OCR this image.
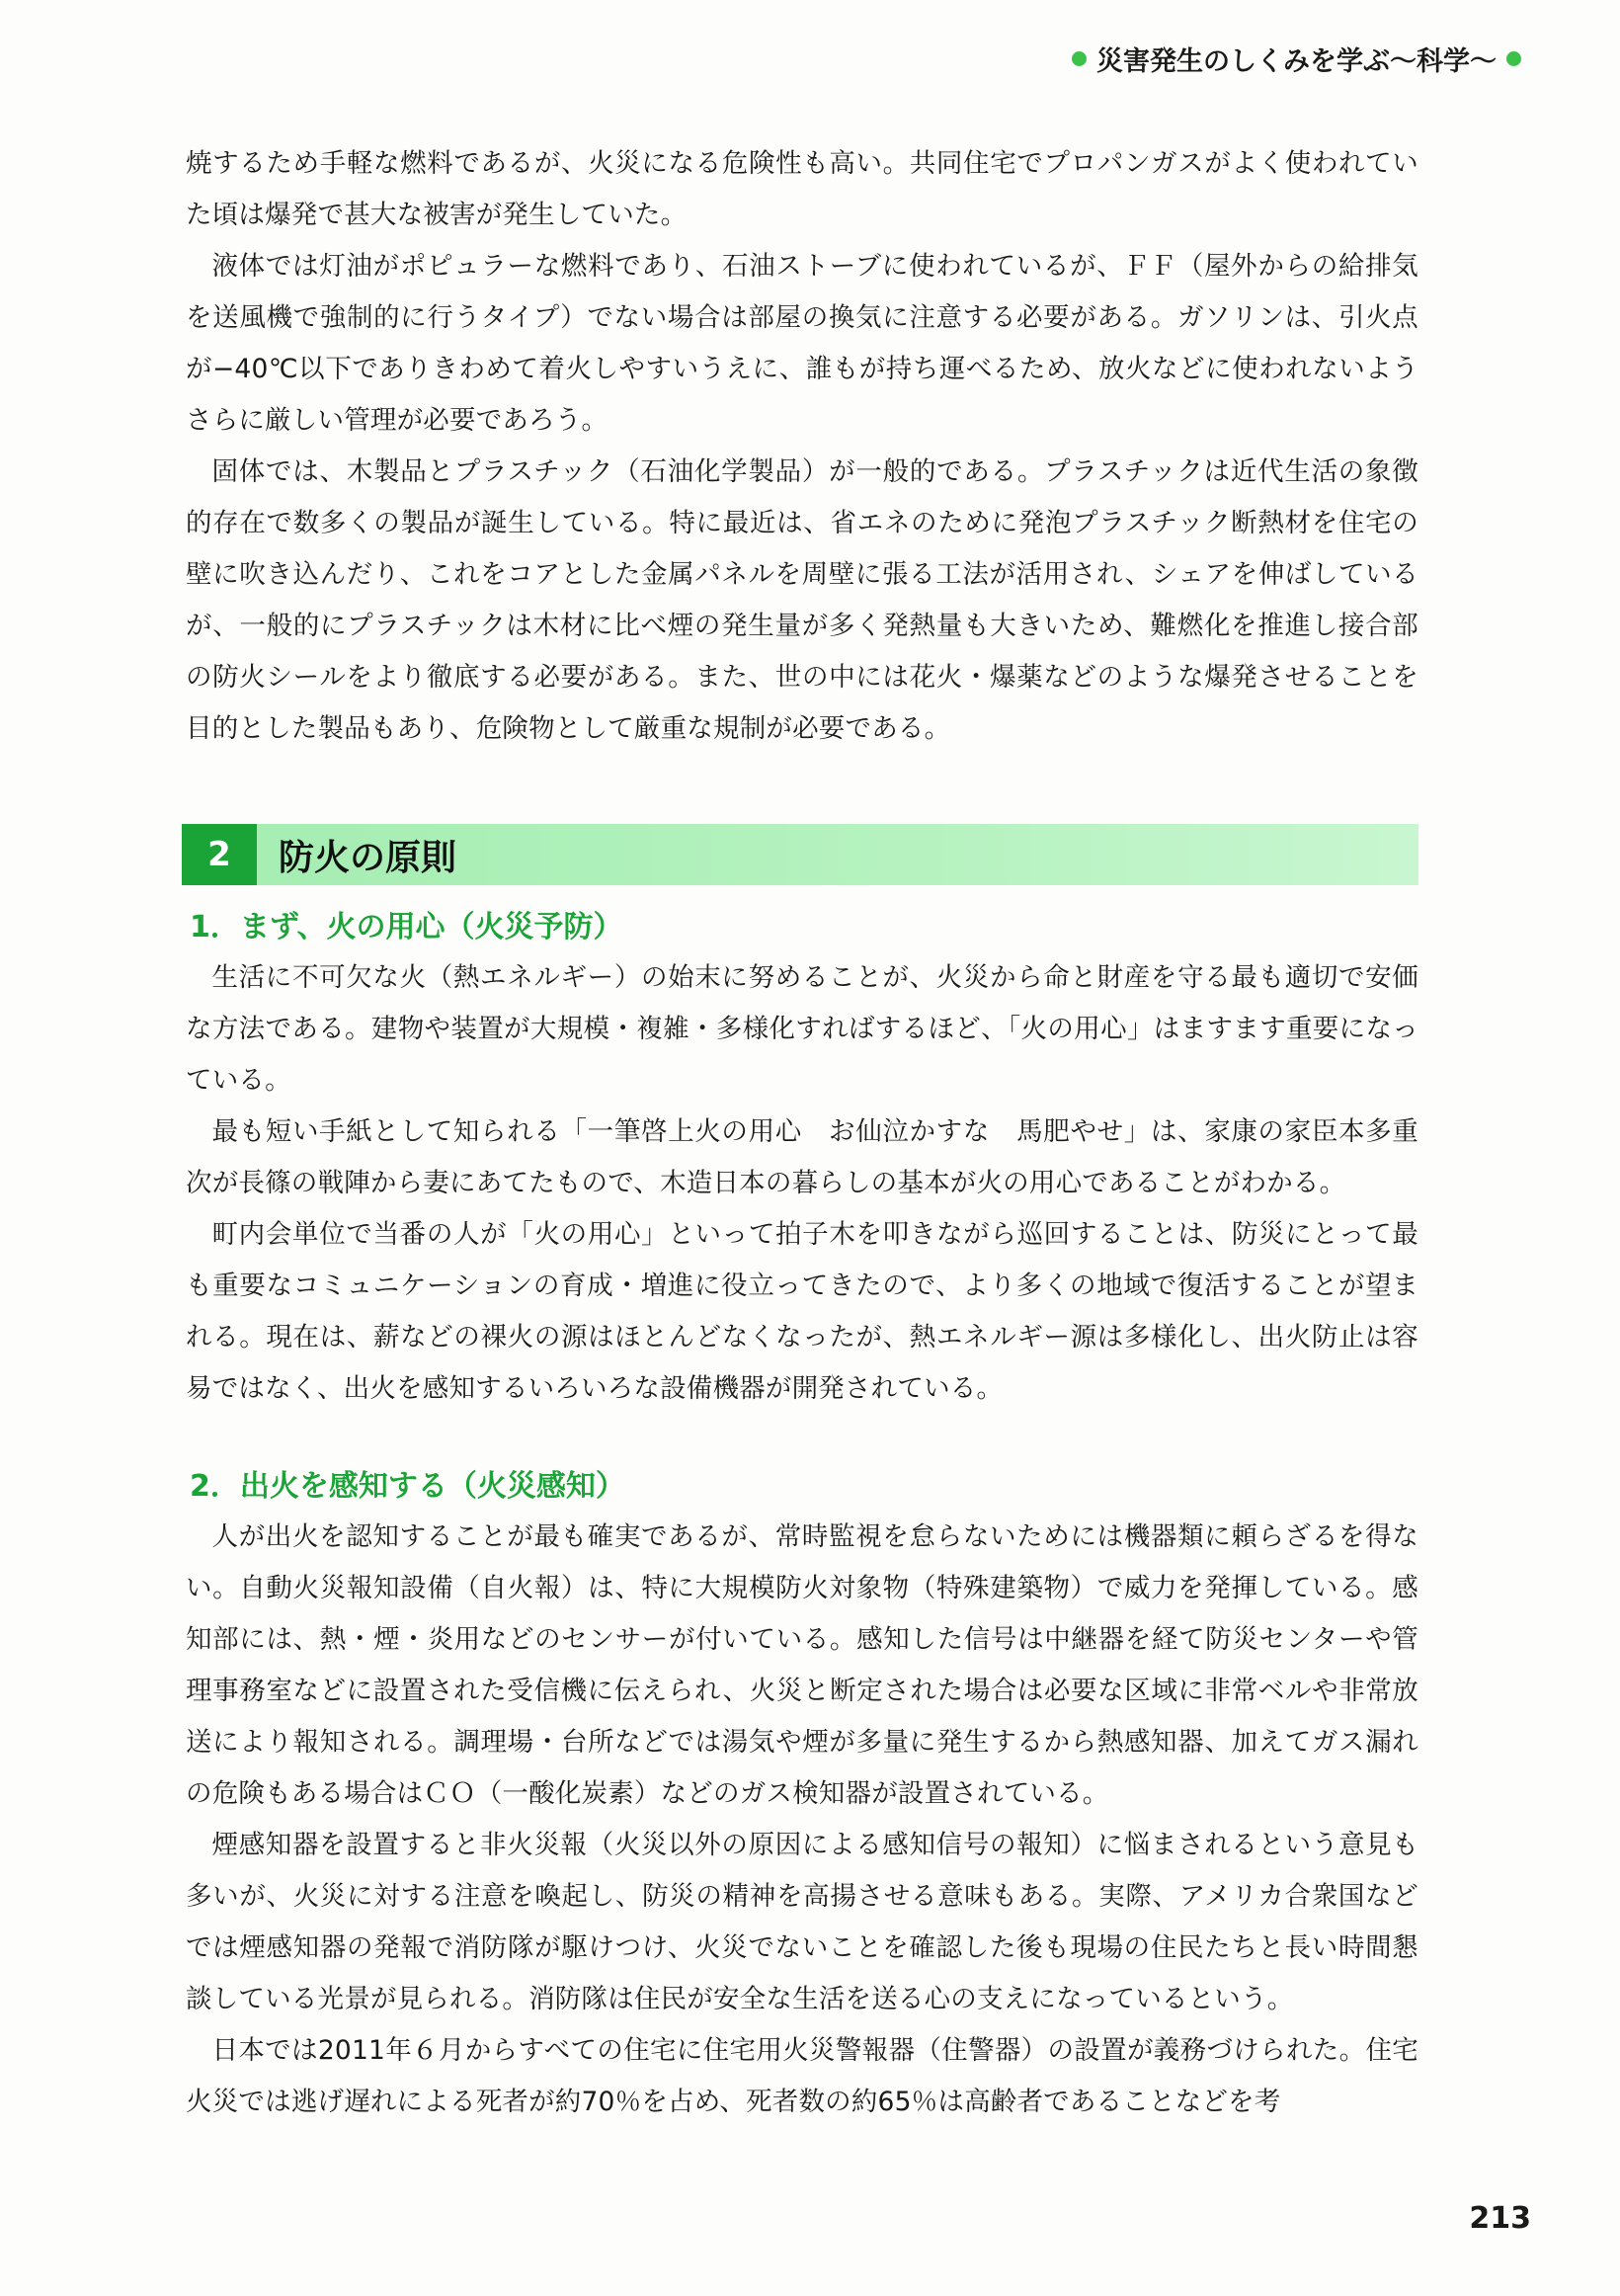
災害発生のしくみを学ぶ〜科学〜

焼するため手軽な燃料であるが、火災になる危険性も高い。共同住宅でプロパンガスがよく使われていた頃は爆発で甚大な被害が発生していた。

液体では灯油がポピュラーな燃料であり、石油ストーブに使われているが、ＦＦ（屋外からの給排気を送風機で強制的に行うタイプ）でない場合は部屋の換気に注意する必要がある。ガソリンは、引火点が−40℃以下でありきわめて着火しやすいうえに、誰もが持ち運べるため、放火などに使われないようさらに厳しい管理が必要であろう。

固体では、木製品とプラスチック（石油化学製品）が一般的である。プラスチックは近代生活の象徴的存在で数多くの製品が誕生している。特に最近は、省エネのために発泡プラスチック断熱材を住宅の壁に吹き込んだり、これをコアとした金属パネルを周壁に張る工法が活用され、シェアを伸ばしているが、一般的にプラスチックは木材に比べ煙の発生量が多く発熱量も大きいため、難燃化を推進し接合部の防火シールをより徹底する必要がある。また、世の中には花火・爆薬などのような爆発させることを目的とした製品もあり、危険物として厳重な規制が必要である。

2	防火の原則
1．まず、火の用心（火災予防）

生活に不可欠な火（熱エネルギー）の始末に努めることが、火災から命と財産を守る最も適切で安価な方法である。建物や装置が大規模・複雑・多様化すればするほど、「火の用心」はますます重要になっている。

最も短い手紙として知られる「一筆啓上火の用心　お仙泣かすな　馬肥やせ」は、家康の家臣本多重次が長篠の戦陣から妻にあてたもので、木造日本の暮らしの基本が火の用心であることがわかる。

町内会単位で当番の人が「火の用心」といって拍子木を叩きながら巡回することは、防災にとって最も重要なコミュニケーションの育成・増進に役立ってきたので、より多くの地域で復活することが望まれる。現在は、薪などの裸火の源はほとんどなくなったが、熱エネルギー源は多様化し、出火防止は容易ではなく、出火を感知するいろいろな設備機器が開発されている。

2．出火を感知する（火災感知）

人が出火を認知することが最も確実であるが、常時監視を怠らないためには機器類に頼らざるを得ない。自動火災報知設備（自火報）は、特に大規模防火対象物（特殊建築物）で威力を発揮している。感知部には、熱・煙・炎用などのセンサーが付いている。感知した信号は中継器を経て防災センターや管理事務室などに設置された受信機に伝えられ、火災と断定された場合は必要な区域に非常ベルや非常放送により報知される。調理場・台所などでは湯気や煙が多量に発生するから熱感知器、加えてガス漏れの危険もある場合はＣＯ（一酸化炭素）などのガス検知器が設置されている。

煙感知器を設置すると非火災報（火災以外の原因による感知信号の報知）に悩まされるという意見も多いが、火災に対する注意を喚起し、防災の精神を高揚させる意味もある。実際、アメリカ合衆国などでは煙感知器の発報で消防隊が駆けつけ、火災でないことを確認した後も現場の住民たちと長い時間懇談している光景が見られる。消防隊は住民が安全な生活を送る心の支えになっているという。

日本では2011年６月からすべての住宅に住宅用火災警報器（住警器）の設置が義務づけられた。住宅火災では逃げ遅れによる死者が約70％を占め、死者数の約65％は高齢者であることなどを考

213
